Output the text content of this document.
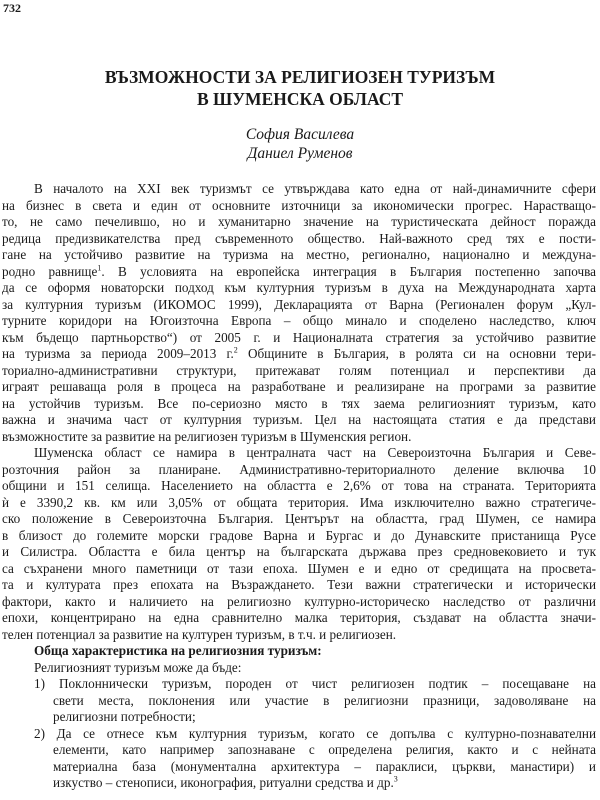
732
ВЪЗМОЖНОСТИ ЗА РЕЛИГИОЗЕН ТУРИЗЪМ
В ШУМЕНСКА ОБЛАСТ
София Василева
Даниел Руменов
В началото на XXI век туризмът се утвърждава като една от най-динамичните сфери
на бизнес в света и един от основните източници за икономически прогрес. Нарастващо-
то, не само печелившо, но и хуманитарно значение на туристическата дейност поражда
редица предизвикателства пред съвременното общество. Най-важното сред тях е пости-
гане на устойчиво развитие на туризма на местно, регионално, национално и междуна-
родно равнище$^1$. В условията на европейска интеграция в България постепенно започва
да се оформя новаторски подход към културния туризъм в духа на Международната харта
за културния туризъм (ИКОМОС 1999), Декларацията от Варна (Регионален форум „Кул-
турните коридори на Югоизточна Европа – общо минало и споделено наследство, ключ
към бъдещо партньорство“) от 2005 г. и Националната стратегия за устойчиво развитие
на туризма за периода 2009–2013 г.$^2$ Общините в България, в ролята си на основни тери-
ториално-административни структури, притежават голям потенциал и перспективи да
играят решаваща роля в процеса на разработване и реализиране на програми за развитие
на устойчив туризъм. Все по-сериозно място в тях заема религиозният туризъм, като
важна и значима част от културния туризъм. Цел на настоящата статия е да представи
възможностите за развитие на религиозен туризъм в Шуменския регион.
Шуменска област се намира в централната част на Североизточна България и Севе-
розточния район за планиране. Административно-териториалното деление включва 10
общини и 151 селища. Населението на областта е 2,6% от това на страната. Територията
ѝ е 3390,2 кв. км или 3,05% от общата територия. Има изключително важно стратегиче-
ско положение в Североизточна България. Центърът на областта, град Шумен, се намира
в близост до големите морски градове Варна и Бургас и до Дунавските пристанища Русе
и Силистра. Областта е била център на българската държава през средновековието и тук
са съхранени много паметници от тази епоха. Шумен е и едно от средищата на просвета-
та и културата през епохата на Възраждането. Тези важни стратегически и исторически
фактори, както и наличието на религиозно културно-историческо наследство от различни
епохи, концентрирано на една сравнително малка територия, създават на областта значи-
телен потенциал за развитие на културен туризъм, в т.ч. и религиозен.
Обща характеристика на религиозния туризъм:
Религиозният туризъм може да бъде:
1) Поклоннически туризъм, породен от чист религиозен подтик – посещаване на
свети места, поклонения или участие в религиозни празници, задоволяване на
религиозни потребности;
2) Да се отнесе към културния туризъм, когато се допълва с културно-познавателни
елементи, като например запознаване с определена религия, както и с нейната
материална база (монументална архитектура – параклиси, църкви, манастири) и
изкуство – стенописи, иконография, ритуални средства и др.$^3$
